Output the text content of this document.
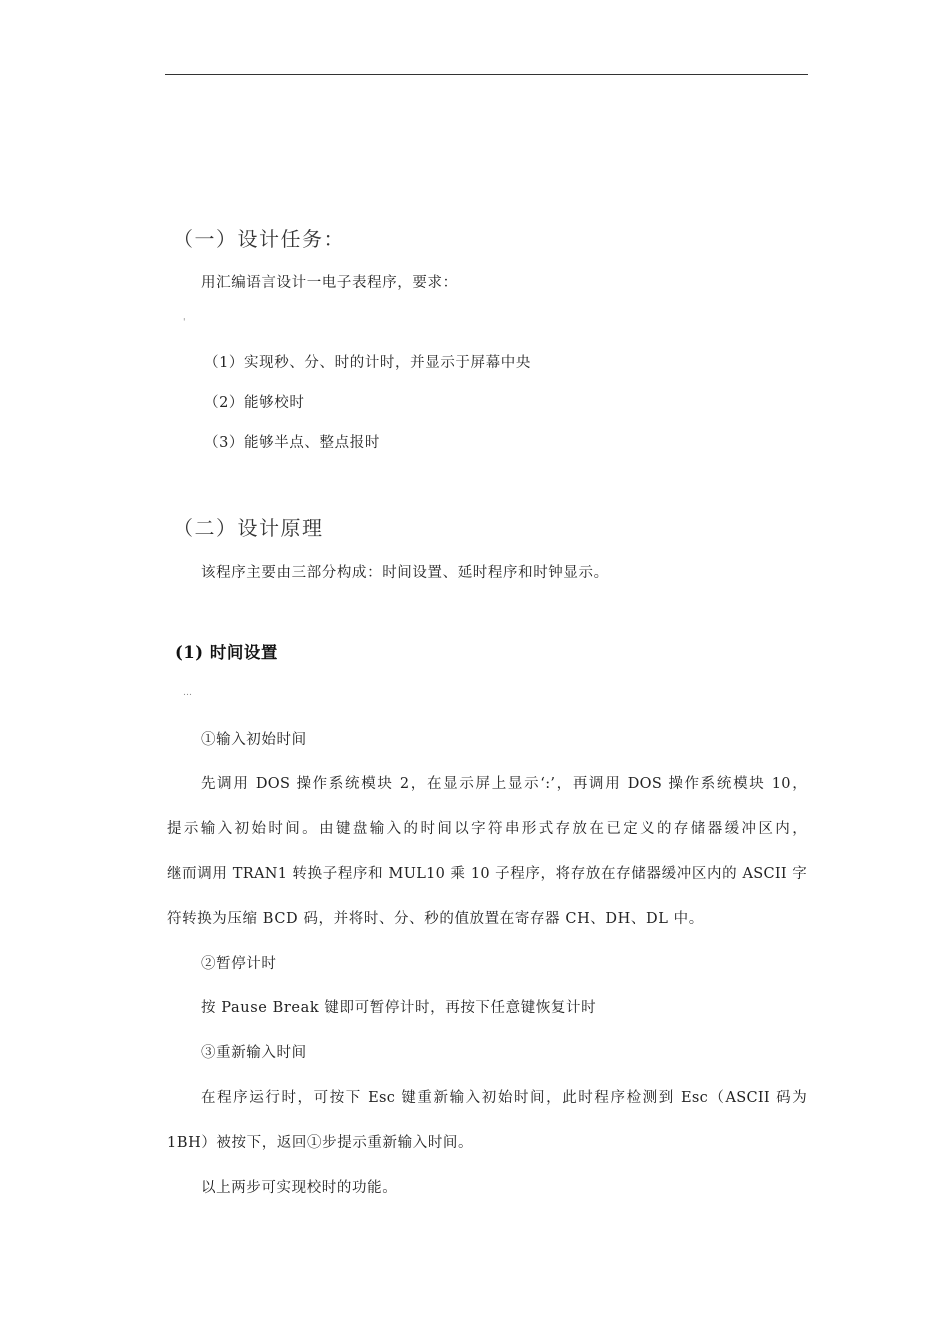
（一）设计任务：
用汇编语言设计一电子表程序，要求：
'
（1）实现秒、分、时的计时，并显示于屏幕中央
（2）能够校时
（3）能够半点、整点报时
（二）设计原理
该程序主要由三部分构成：时间设置、延时程序和时钟显示。
(1) 时间设置
…
①输入初始时间
先调用 DOS 操作系统模块 2，在显示屏上显示‘:’，再调用 DOS 操作系统模块 10，
提示输入初始时间。由键盘输入的时间以字符串形式存放在已定义的存储器缓冲区内，
继而调用 TRAN1 转换子程序和 MUL10 乘 10 子程序，将存放在存储器缓冲区内的 ASCII 字
符转换为压缩 BCD 码，并将时、分、秒的值放置在寄存器 CH、DH、DL 中。
②暂停计时
按 Pause Break 键即可暂停计时，再按下任意键恢复计时
③重新输入时间
在程序运行时，可按下 Esc 键重新输入初始时间，此时程序检测到 Esc（ASCII 码为
1BH）被按下，返回①步提示重新输入时间。
以上两步可实现校时的功能。
